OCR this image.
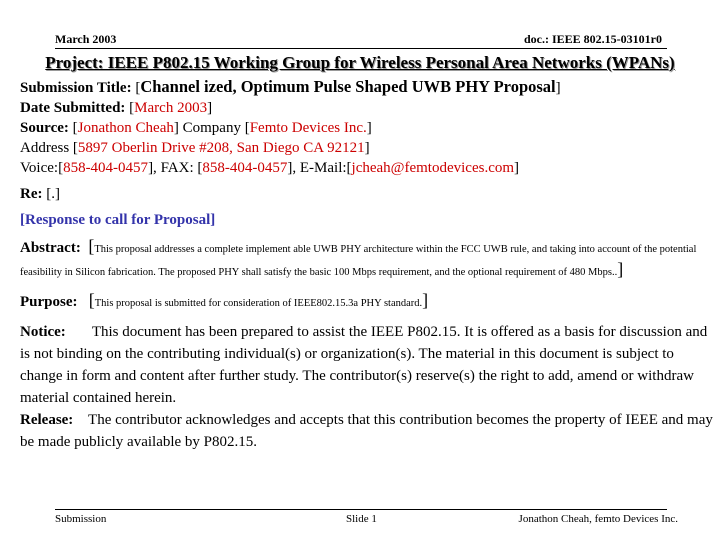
March 2003	doc.: IEEE 802.15-03101r0
Project: IEEE P802.15 Working Group for Wireless Personal Area Networks (WPANs)

Submission Title: [Channel ized, Optimum Pulse Shaped UWB PHY Proposal]

Date Submitted: [March 2003]

Source: [Jonathon Cheah] Company [Femto Devices Inc.]

Address [5897 Oberlin Drive #208, San Diego CA 92121]

Voice:[858-404-0457], FAX: [858-404-0457], E-Mail:[jcheah@femtodevices.com]

Re: [.]

[Response to call for Proposal]

Abstract: [This proposal addresses a complete implement able UWB PHY architecture within the FCC UWB rule, and taking into account of the potential feasibility in Silicon fabrication. The proposed PHY shall satisfy the basic 100 Mbps requirement, and the optional requirement of 480 Mbps..]

Purpose: [This proposal is submitted for consideration of IEEE802.15.3a PHY standard.]

Notice: This document has been prepared to assist the IEEE P802.15. It is offered as a basis for discussion and is not binding on the contributing individual(s) or organization(s). The material in this document is subject to change in form and content after further study. The contributor(s) reserve(s) the right to add, amend or withdraw material contained herein.

Release: The contributor acknowledges and accepts that this contribution becomes the property of IEEE and may be made publicly available by P802.15.

Submission	Slide 1	Jonathon Cheah, femto Devices Inc.
